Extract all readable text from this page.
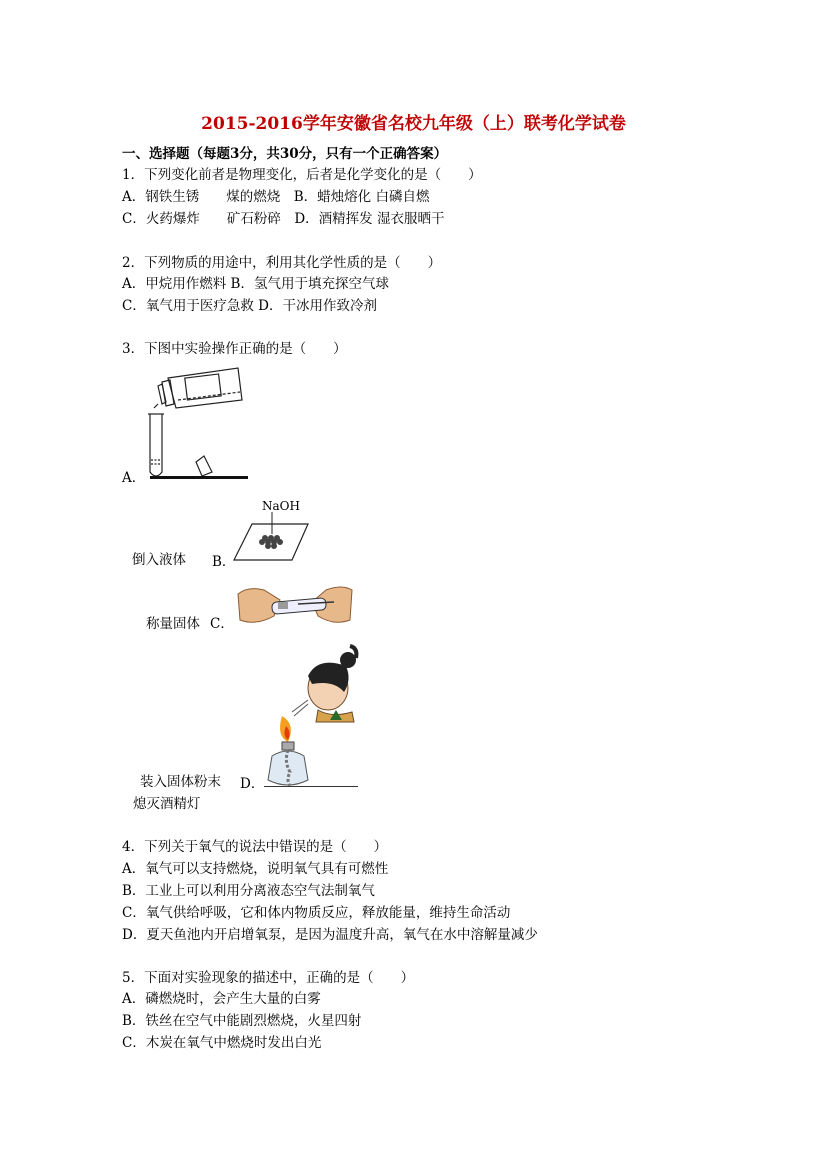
2015-2016学年安徽省名校九年级（上）联考化学试卷
一、选择题（每题3分，共30分，只有一个正确答案）
1．下列变化前者是物理变化，后者是化学变化的是（　　）
A．钢铁生锈　　煤的燃烧　B．蜡烛熔化 白磷自燃
C．火药爆炸　　矿石粉碎　D．酒精挥发 湿衣服晒干
2．下列物质的用途中，利用其化学性质的是（　　）
A．甲烷用作燃料 B．氢气用于填充探空气球
C．氧气用于医疗急救 D．干冰用作致冷剂
3．下图中实验操作正确的是（　　）
A．
NaOH
倒入液体 B．
称量固体 C．
装入固体粉末 D．
熄灭酒精灯
4．下列关于氧气的说法中错误的是（　　）
A．氧气可以支持燃烧，说明氧气具有可燃性
B．工业上可以利用分离液态空气法制氧气
C．氧气供给呼吸，它和体内物质反应，释放能量，维持生命活动
D．夏天鱼池内开启增氧泵，是因为温度升高，氧气在水中溶解量减少
5．下面对实验现象的描述中，正确的是（　　）
A．磷燃烧时，会产生大量的白雾
B．铁丝在空气中能剧烈燃烧，火星四射
C．木炭在氧气中燃烧时发出白光
